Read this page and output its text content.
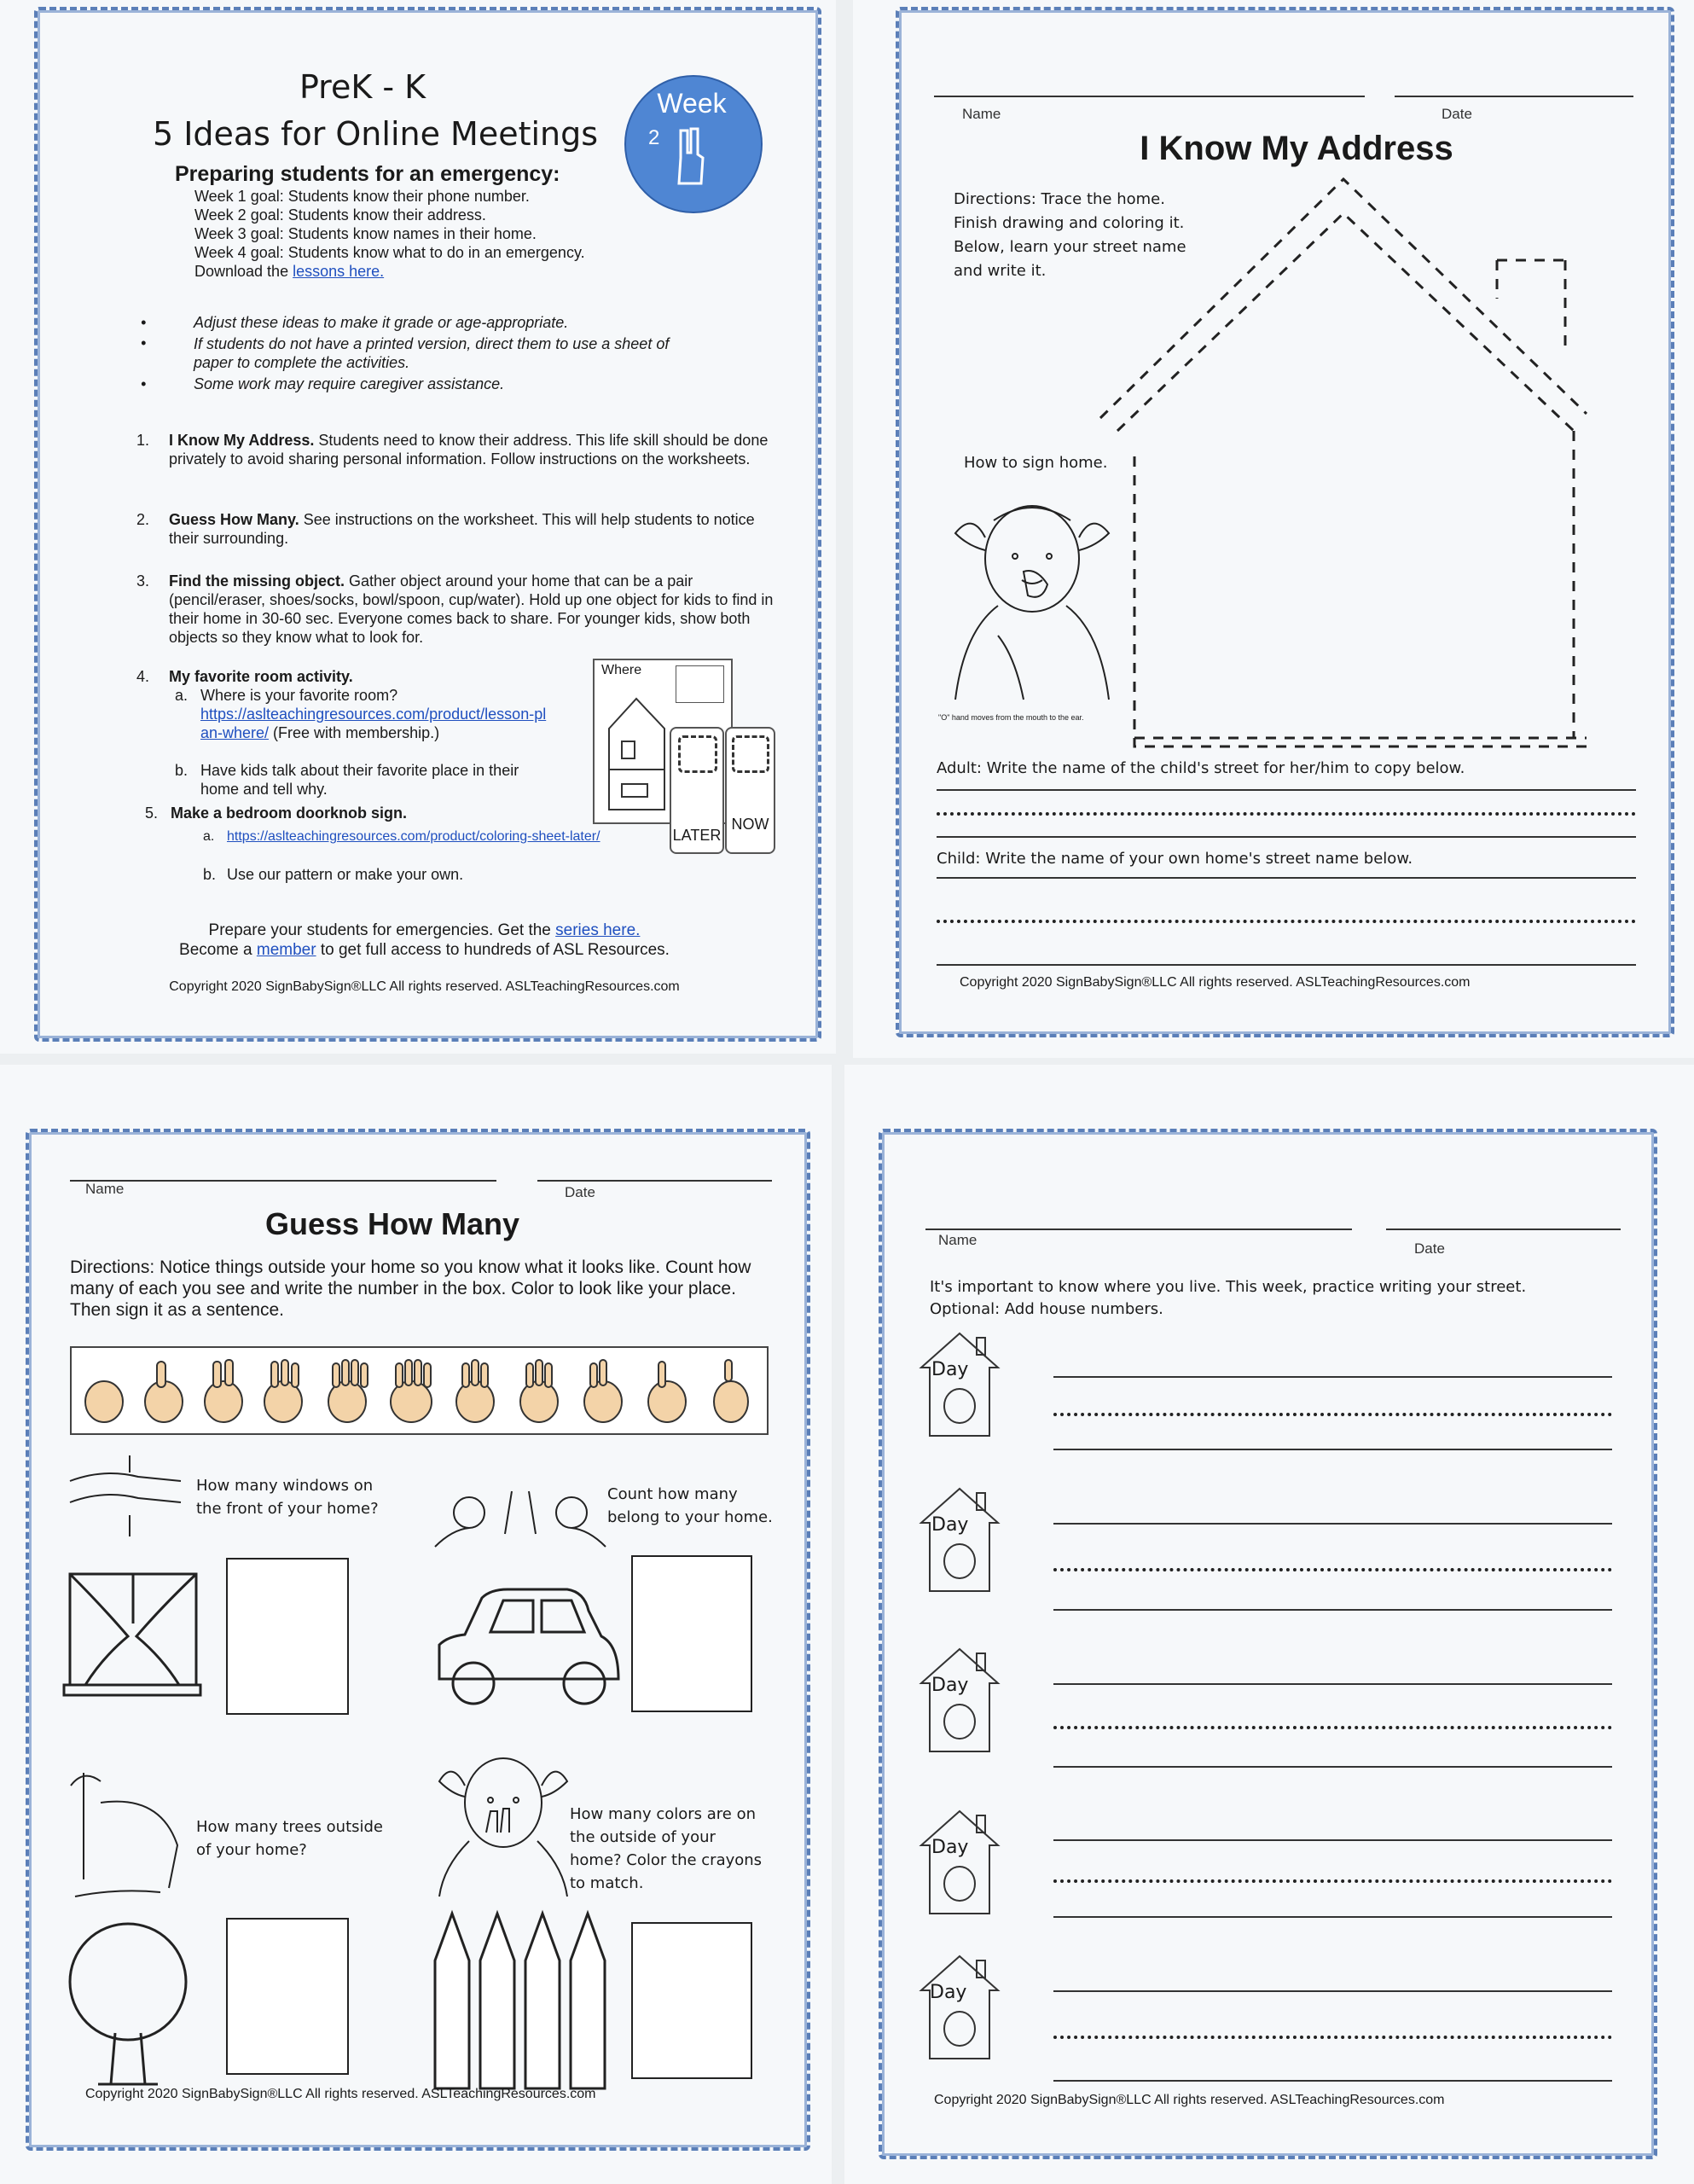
PreK - K
5 Ideas for Online Meetings
Week
2
Preparing students for an emergency:
Week 1 goal: Students know their phone number.
Week 2 goal: Students know their address.
Week 3 goal: Students know names in their home.
Week 4 goal: Students know what to do in an emergency.
Download the lessons here.
•	Adjust these ideas to make it grade or age-appropriate.
•	If students do not have a printed version, direct them to use a sheet of paper to complete the activities.
•	Some work may require caregiver assistance.
1. I Know My Address. Students need to know their address. This life skill should be done privately to avoid sharing personal information. Follow instructions on the worksheets.
2. Guess How Many. See instructions on the worksheet. This will help students to notice their surrounding.
3. Find the missing object. Gather object around your home that can be a pair (pencil/eraser, shoes/socks, bowl/spoon, cup/water). Hold up one object for kids to find in their home in 30-60 sec. Everyone comes back to share. For younger kids, show both objects so they know what to look for.
4. My favorite room activity.
a. Where is your favorite room?
https://aslteachingresources.com/product/lesson-plan-where/ (Free with membership.)
b. Have kids talk about their favorite place in their home and tell why.
Where
LATER
NOW
5. Make a bedroom doorknob sign.
a. https://aslteachingresources.com/product/coloring-sheet-later/
b. Use our pattern or make your own.
Prepare your students for emergencies. Get the series here.
Become a member to get full access to hundreds of ASL Resources.
Copyright 2020 SignBabySign®LLC All rights reserved. ASLTeachingResources.com
Name	Date
I Know My Address
Directions: Trace the home.
Finish drawing and coloring it.
Below, learn your street name
and write it.
How to sign home.
"O" hand moves from the mouth to the ear.
Adult: Write the name of the child's street for her/him to copy below.
Child: Write the name of your own home's street name below.
Copyright 2020 SignBabySign®LLC All rights reserved. ASLTeachingResources.com
Name	Date
Guess How Many
Directions: Notice things outside your home so you know what it looks like. Count how many of each you see and write the number in the box. Color to look like your place. Then sign it as a sentence.
How many windows on
the front of your home?
Count how many
belong to your home.
How many trees outside
of your home?
How many colors are on
the outside of your
home? Color the crayons
to match.
Copyright 2020 SignBabySign®LLC All rights reserved. ASLTeachingResources.com
Name
Date
It's important to know where you live. This week, practice writing your street.
Optional: Add house numbers.
Day
Day
Day
Day
Day
Copyright 2020 SignBabySign®LLC All rights reserved. ASLTeachingResources.com
